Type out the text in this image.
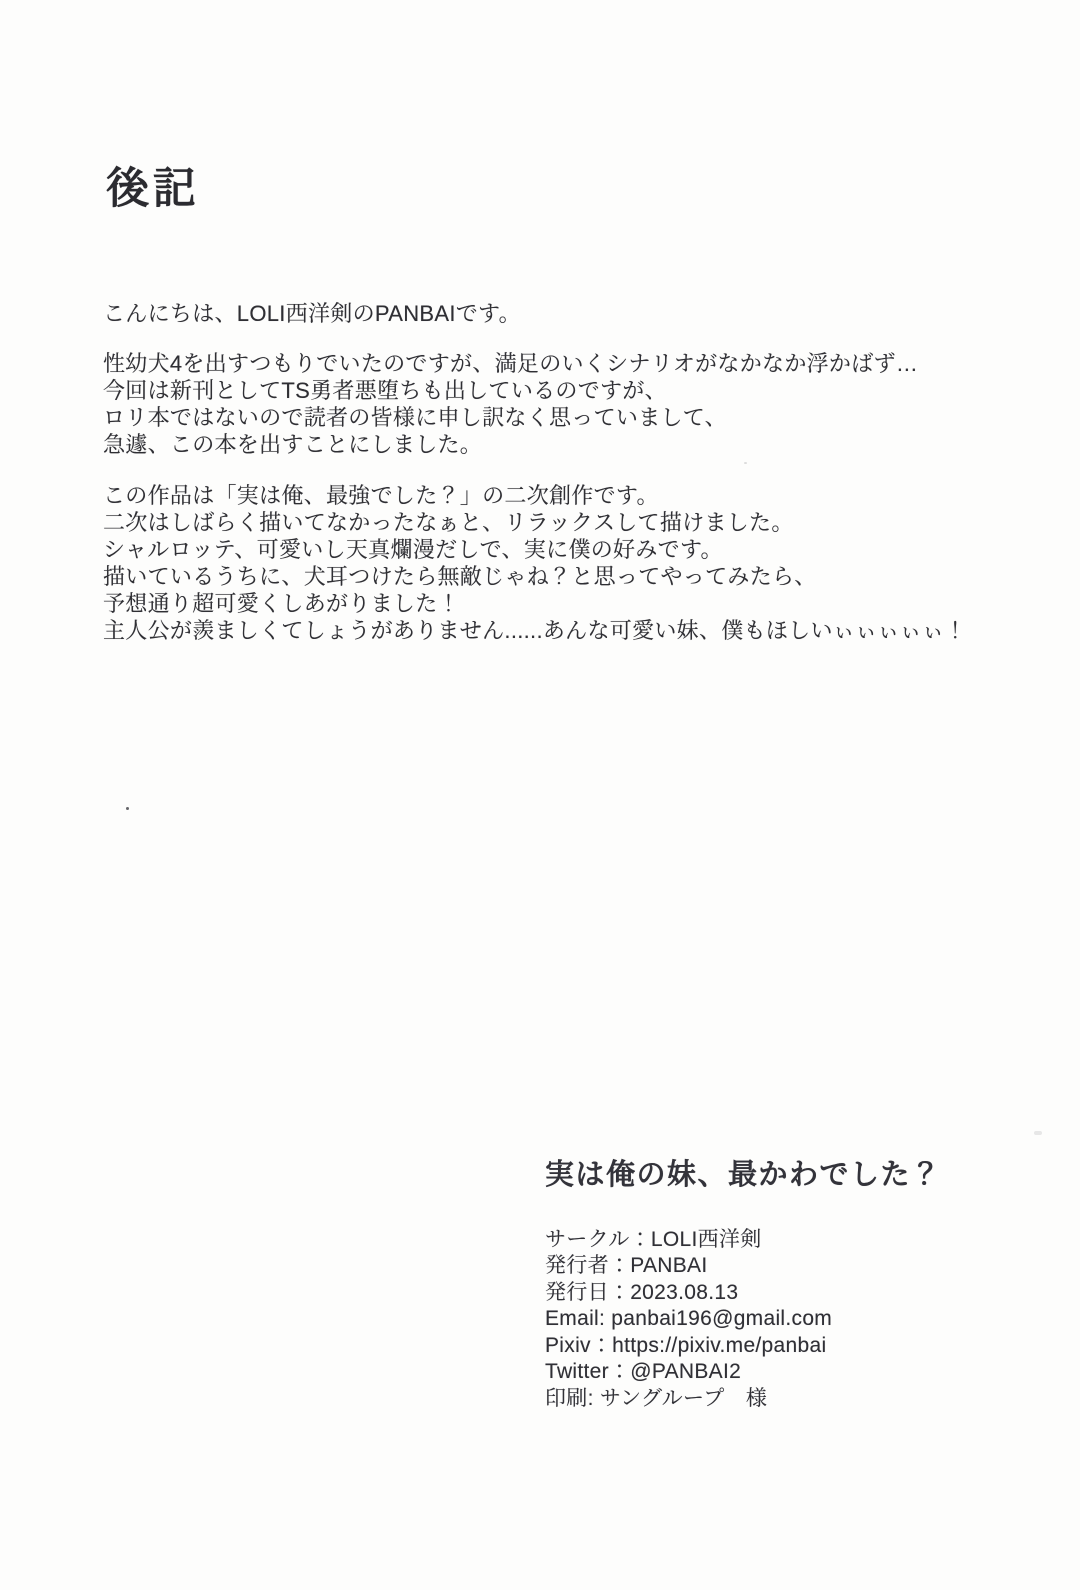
後記
こんにちは、LOLI西洋剣のPANBAIです。
性幼犬4を出すつもりでいたのですが、満足のいくシナリオがなかなか浮かばず…
今回は新刊としてTS勇者悪堕ちも出しているのですが、
ロリ本ではないので読者の皆様に申し訳なく思っていまして、
急遽、この本を出すことにしました。
この作品は「実は俺、最強でした？」の二次創作です。
二次はしばらく描いてなかったなぁと、リラックスして描けました。
シャルロッテ、可愛いし天真爛漫だしで、実に僕の好みです。
描いているうちに、犬耳つけたら無敵じゃね？と思ってやってみたら、
予想通り超可愛くしあがりました！
主人公が羨ましくてしょうがありません......あんな可愛い妹、僕もほしいぃぃぃぃぃ！
実は俺の妹、最かわでした？
サークル：LOLI西洋剣
発行者：PANBAI
発行日：2023.08.13
Email: panbai196@gmail.com
Pixiv：https://pixiv.me/panbai
Twitter：@PANBAI2
印刷: サングループ　様
